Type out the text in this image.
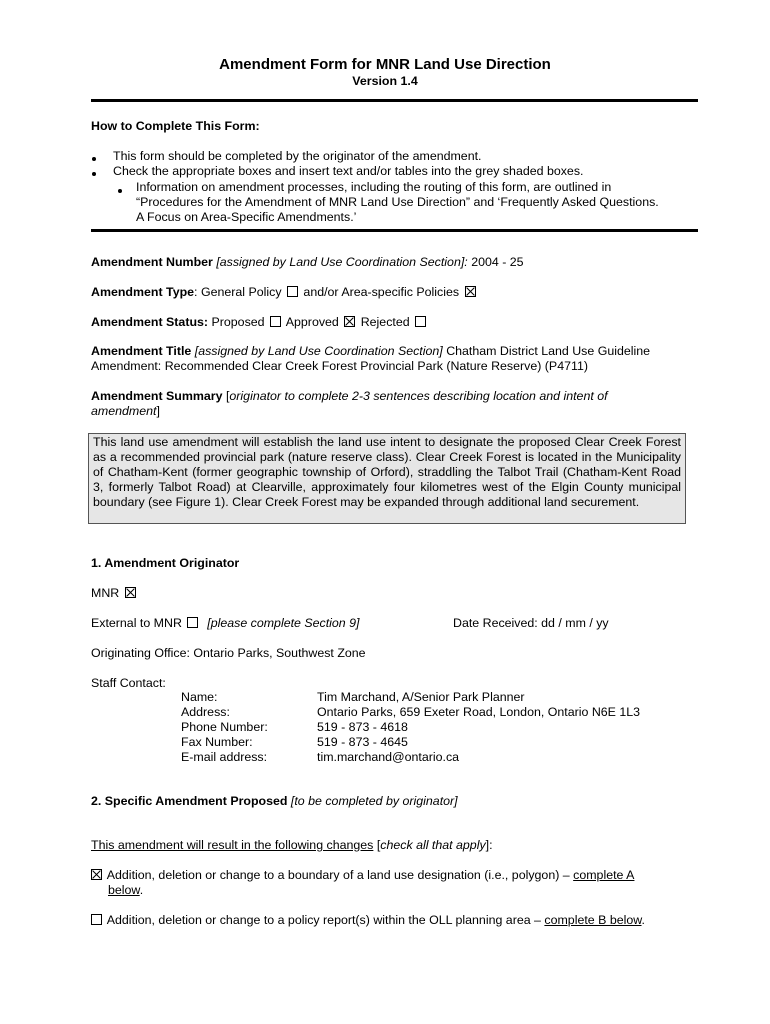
Amendment Form for MNR Land Use Direction
Version 1.4
How to Complete This Form:
This form should be completed by the originator of the amendment.
Check the appropriate boxes and insert text and/or tables into the grey shaded boxes.
Information on amendment processes, including the routing of this form, are outlined in
“Procedures for the Amendment of MNR Land Use Direction” and ‘Frequently Asked Questions.
A Focus on Area-Specific Amendments.’
Amendment Number [assigned by Land Use Coordination Section]: 2004 - 25
Amendment Type: General Policy and/or Area-specific Policies
Amendment Status: Proposed Approved Rejected
Amendment Title [assigned by Land Use Coordination Section] Chatham District Land Use Guideline
Amendment: Recommended Clear Creek Forest Provincial Park (Nature Reserve) (P4711)
Amendment Summary [originator to complete 2-3 sentences describing location and intent of
amendment]
This land use amendment will establish the land use intent to designate the proposed Clear Creek Forest as a recommended provincial park (nature reserve class). Clear Creek Forest is located in the Municipality of Chatham-Kent (former geographic township of Orford), straddling the Talbot Trail (Chatham-Kent Road 3, formerly Talbot Road) at Clearville, approximately four kilometres west of the Elgin County municipal boundary (see Figure 1). Clear Creek Forest may be expanded through additional land securement.
1. Amendment Originator
MNR
External to MNR [please complete Section 9]	Date Received: dd / mm / yy
Originating Office: Ontario Parks, Southwest Zone
Staff Contact:
Name:	Tim Marchand, A/Senior Park Planner
Address:	Ontario Parks, 659 Exeter Road, London, Ontario N6E 1L3
Phone Number:	519 - 873 - 4618
Fax Number:	519 - 873 - 4645
E-mail address:	tim.marchand@ontario.ca
2. Specific Amendment Proposed [to be completed by originator]
This amendment will result in the following changes [check all that apply]:
Addition, deletion or change to a boundary of a land use designation (i.e., polygon) – complete A
below.
Addition, deletion or change to a policy report(s) within the OLL planning area – complete B below.
